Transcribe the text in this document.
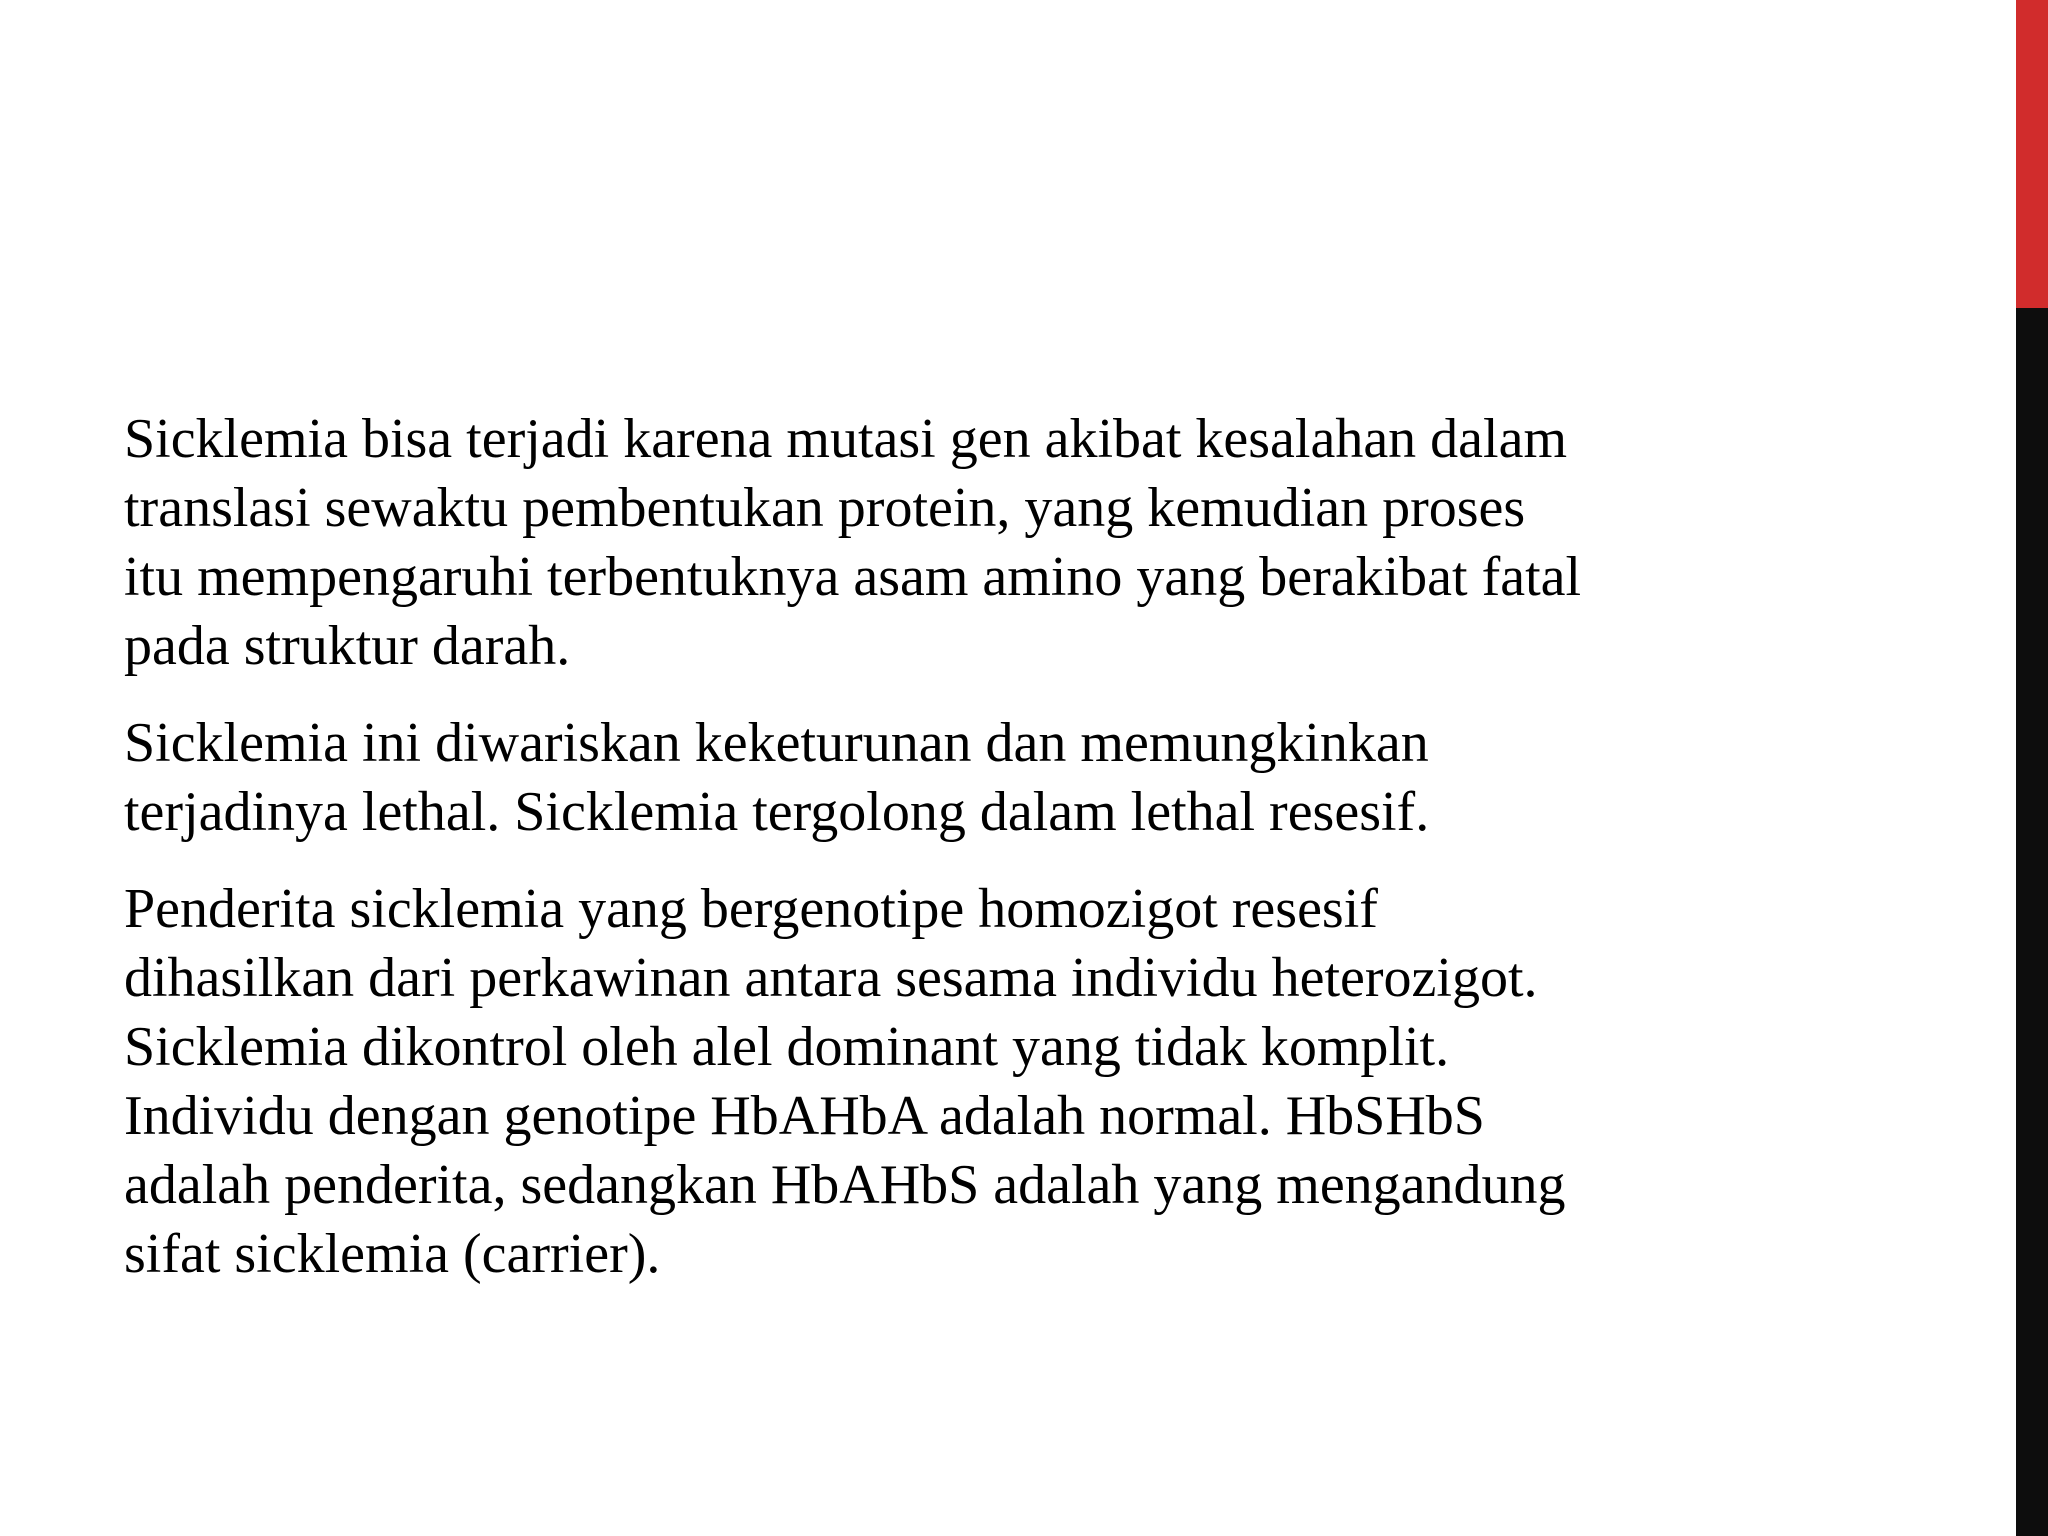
Sicklemia bisa terjadi karena mutasi gen akibat kesalahan dalam
translasi sewaktu pembentukan protein, yang kemudian proses
itu mempengaruhi terbentuknya asam amino yang berakibat fatal
pada struktur darah.

Sicklemia ini diwariskan keketurunan dan memungkinkan
terjadinya lethal. Sicklemia tergolong dalam lethal resesif.

Penderita sicklemia yang bergenotipe homozigot resesif
dihasilkan dari perkawinan antara sesama individu heterozigot.
Sicklemia dikontrol oleh alel dominant yang tidak komplit.
Individu dengan genotipe HbAHbA adalah normal. HbSHbS
adalah penderita, sedangkan HbAHbS adalah yang mengandung
sifat sicklemia (carrier).
